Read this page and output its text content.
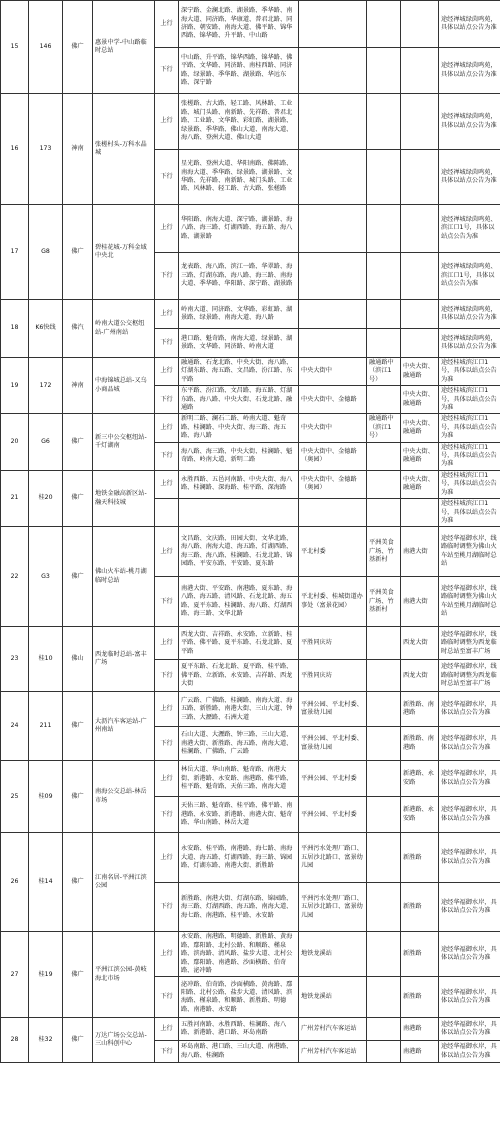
15	146	佛广	惠景中学-中山路临时总站	上行	深宁路、金澜北路、湖景路、季华路、南海大道、同济路、华康道、普君北路、同济路、朝安路、南海大道、佛平路、锦华西路、锦华路、升平路、中山路				途经禅城绿茵鸣苑，具体以站点公告为准
				下行	中山路、升平路、锦华西路、锦华路、佛平路、文华路、同济路、南桂西路、同济路、绿景路、季华路、湖景路、华远东路、深宁路				途经禅城绿茵鸣苑，具体以站点公告为准
16	173	神南	张槎村头-万科水晶城	上行	张槎路、古大路、轻工路、风林路、工业路、城门头路、南新路、先祥路、普君北路、工业路、文华路、彩虹路、湖景路、绿景路、季华路、佛山大道、南海大道、海八路、登洲大道、佛山大道				途经禅城绿茵鸣苑，具体以站点公告为准
				下行	星光路、登洲大道、华阳南路、佛陈路、南海大道、季华路、绿景路、湖景路、文华路、先祥路、南新路、城门头路、工业路、风林路、轻工路、古大路、张槎路				途经禅城绿茵鸣苑，具体以站点公告为准
17	G8	佛广	碧桂花城-万科金域中央北	上行	华阳路、南海大道、深宁路、湖景路、海八路、海三路、灯湖西路、海五路、海八路、湖景路				途经禅城绿茵鸣苑、滨江口1号，具体以站点公告为准
				下行	龙表路、海八路、滨江一路、华翠路、海三路、灯湖东路、海八路、海三路、南海大道、季华路、华阳路、深宁路、湖景路				途经禅城绿茵鸣苑、滨江口1号，具体以站点公告为准
18	K6快线	佛汽	岭南大道公交枢纽站-广州南站	上行	岭南大道、同济路、文华路、彩虹路、湖景路、绿景路、南海大道、海八路				途经禅城绿茵鸣苑，具体以站点公告为准
				下行	港口路、魁奇路、南海大道、绿景路、湖景路、文华路、同济路、岭南大道				途经禅城绿茵鸣苑，具体以站点公告为准
19	172	神南	中海锦城总站-又乌小商品城	上行	融通路、石龙北路、中央大街、海八路、灯湖东路、海五路、文昌路、汾江路、东平路	中央大街中	融通路中（滨江1号）	中央大街、融通路	途经桂城滨江口1号，具体以站点公告为准
				下行	东平路、汾江路、文昌路、海五路、灯湖东路、海八路、中央大街、石龙北路、融通路	中央大街中、金德路		中央大街、融通路	途经桂城滨江口1号，具体以站点公告为准
20	G6	佛广	新三中公交枢纽站-千灯湖南	上行	新明二路、澜石二路、岭南大道、魁奇路、桂澜路、中央大街、海三路、海五路、海八路	中央大街中	融通路中（滨江1号）	中央大街、融通路	途经桂城滨江口1号，具体以站点公告为准
				下行	海八路、海三路、中央大街、桂澜路、魁奇路、岭南大道、新明二路	中央大街中、金德路（奥园）		中央大街、融通路	途经桂城滨江口1号，具体以站点公告为准
21	桂20	佛广	地铁金融高新区站-瀚天科技城	上行	永胜西路、五邑河南路、中央大街、海八路、桂澜路、深海路、桂平路、深海路	中央大街中、金德路（奥园）		中央大街、融通路	途经桂城滨江口1号，具体以站点公告为准
									途经桂城滨江口1号，具体以站点公告为准
22	G3	佛广	佛山火车站-桃月湖临时总站	上行	文昌路、文庆路、田园大街、文华北路、海八路、南海大道、海五路、灯湖西路、海三路、海八路、桂澜路、石龙北路、锦园路、平安东路、平安路、夏东路	平北村委	平洲美食广场、竹基新村	南港大街	途经华福御水岸，线路临时调整为佛山火车站至桃月湖临时总站
				下行	南港大街、平安路、南港路、夏东路、海八路、海五路、清风路、石龙北路、海五路、夏平东路、桂澜路、海八路、灯湖西路、海三路、文华北路	平北村委、桂城街道办事处（富景花园）	平洲美食广场、竹基新村	南港大街	途经华福御水岸，线路临时调整为佛山火车站至桃月湖临时总站
23	桂10	佛山	西龙临时总站-富丰广场	上行	西龙大街、吉祥路、永安路、立新路、桂平路、佛平路、夏平东路、石龙北路、夏平路	平胜同庆坊		西龙大街	途经华福御水岸，线路临时调整为西龙临时总站至富丰广场
				下行	夏平东路、石龙北路、夏平路、桂平路、佛平路、立新路、永安路、吉祥路、西龙大街	平胜同庆坊		西龙大街	途经华福御水岸，线路临时调整为西龙临时总站至富丰广场
24	211	佛广	大沥汽车客运站-广州南站	上行	广云路、广佛路、桂澜路、南海大道、海五路、新胜路、南港大街、三山大道、钟三路、大瀝路、石洲大道	平洲公园、平北村委、富景幼儿园		新胜路、南港路	途经华福御水岸，具体以站点公告为准
				下行	石山大道、大瀝路、钟三路、三山大道、南港大街、新胜路、海五路、南海大道、桂澜路、广佛路、广云路	平洲公园、平北村委、富景幼儿园		新胜路、南港路	途经华福御水岸，具体以站点公告为准
25	桂09	佛广	南海公交总站-林岳市场	上行	林岳大道、华山南路、魁奇路、南港大街、新港路、永安路、南港路、佛平路、桂平路、魁奇路、天佑三路、南海大道	平洲公园、平北村委		新港路、永安路	途经华福御水岸，具体以站点公告为准
				下行	天佑三路、魁奇路、桂平路、佛平路、南港路、永安路、新港路、南港大街、魁奇路、华山南路、林岳大道	平洲公园、平北村委		新港路、永安路	途经华福御水岸，具体以站点公告为准
26	桂14	佛广	江南名居-平洲江滨公园	上行	永安路、桂平路、南港路、海七路、南海大道、海五路、灯湖西路、海三路、锦园路、灯湖东路、南港大街、新胜路	平洲污水处理厂路口、五居沙北路口、富景幼儿园		新胜路	途经华福御水岸，具体以站点公告为准
				下行	新胜路、南港大街、灯湖东路、锦园路、海三路、灯湖西路、海五路、南海大道、海七路、南港路、桂平路、永安路	平洲污水处理厂路口、五居沙北路口、富景幼儿园		新胜路	途经华福御水岸，具体以站点公告为准
27	桂19	佛广	平洲江滨公园-黄岐海北市场	上行	永安路、南港路、明德路、新胜路、黄海路、鄢阳路、北村公路、和顺路、槿泉路、滨海路、清风路、盐步大道、北村公路、鄢阳路、南港路、沙面横路、伯奇路、泌冲路	地铁龙溪站		新胜路	途经华福御水岸，具体以站点公告为准
				下行	泌冲路、伯奇路、沙面横路、黄海路、鄢阳路、北村公路、盐步大道、清风路、滨海路、槿泉路、和顺路、新胜路、明德路、南港路、永安路	地铁龙溪站		新胜路	途经华福御水岸，具体以站点公告为准
28	桂32	佛广	万达广场公交总站-三山科创中心	上行	五胜河南路、永胜西路、桂澜路、海八路、新港路、港口路、环岛南路	广州芳村汽车客运站		南港路	途经华福御水岸，具体以站点公告为准
				下行	环岛南路、港口路、三山大道、南港路、海八路、桂澜路	广州芳村汽车客运站		南港路	途经华福御水岸，具体以站点公告为准
